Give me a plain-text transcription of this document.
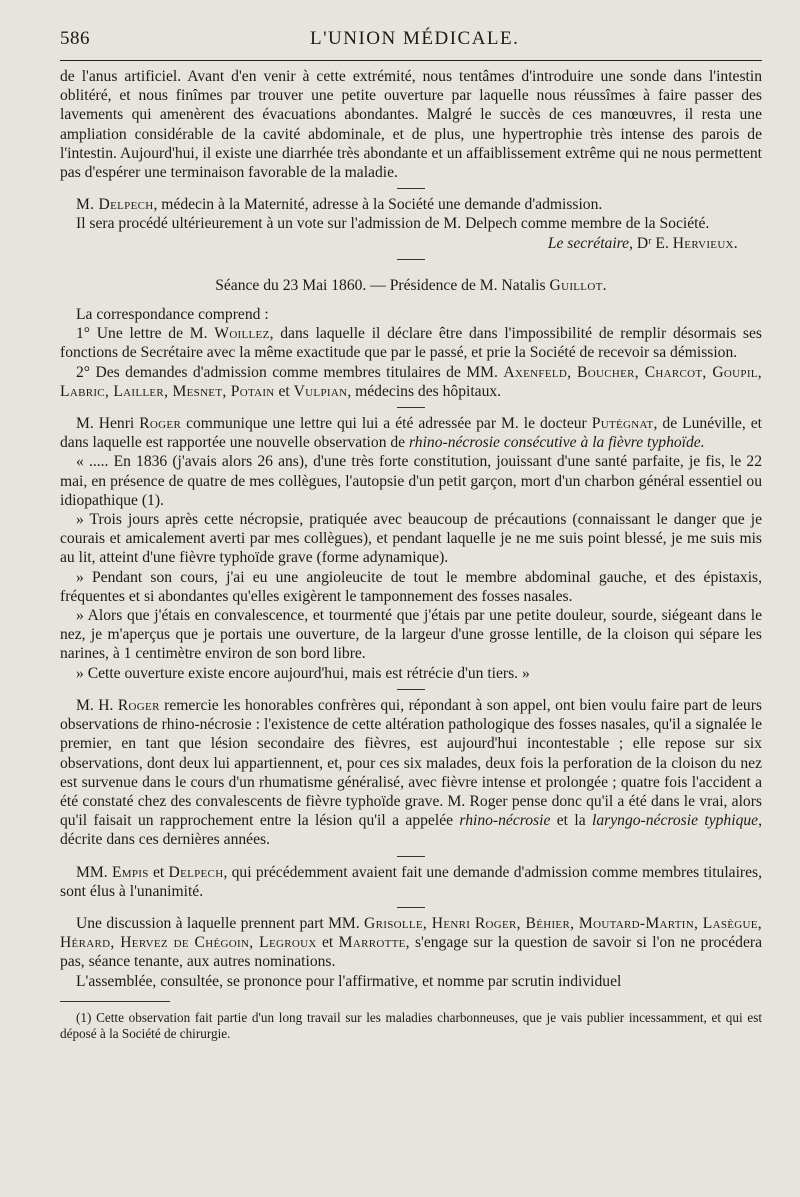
586	L'UNION MÉDICALE.

de l'anus artificiel. Avant d'en venir à cette extrémité, nous tentâmes d'introduire une sonde dans l'intestin oblitéré, et nous finîmes par trouver une petite ouverture par laquelle nous réussîmes à faire passer des lavements qui amenèrent des évacuations abondantes. Malgré le succès de ces manœuvres, il resta une ampliation considérable de la cavité abdominale, et de plus, une hypertrophie très intense des parois de l'intestin. Aujourd'hui, il existe une diarrhée très abondante et un affaiblissement extrême qui ne nous permettent pas d'espérer une terminaison favorable de la maladie.

M. Delpech, médecin à la Maternité, adresse à la Société une demande d'admission.

Il sera procédé ultérieurement à un vote sur l'admission de M. Delpech comme membre de la Société.

Le secrétaire, Dʳ E. Hervieux.

Séance du 23 Mai 1860. — Présidence de M. Natalis Guillot.

La correspondance comprend :

1° Une lettre de M. Woillez, dans laquelle il déclare être dans l'impossibilité de remplir désormais ses fonctions de Secrétaire avec la même exactitude que par le passé, et prie la Société de recevoir sa démission.

2° Des demandes d'admission comme membres titulaires de MM. Axenfeld, Boucher, Charcot, Goupil, Labric, Lailler, Mesnet, Potain et Vulpian, médecins des hôpitaux.

M. Henri Roger communique une lettre qui lui a été adressée par M. le docteur Putégnat, de Lunéville, et dans laquelle est rapportée une nouvelle observation de rhino-nécrosie consécutive à la fièvre typhoïde.

« ..... En 1836 (j'avais alors 26 ans), d'une très forte constitution, jouissant d'une santé parfaite, je fis, le 22 mai, en présence de quatre de mes collègues, l'autopsie d'un petit garçon, mort d'un charbon général essentiel ou idiopathique (1).

» Trois jours après cette nécropsie, pratiquée avec beaucoup de précautions (connaissant le danger que je courais et amicalement averti par mes collègues), et pendant laquelle je ne me suis point blessé, je me suis mis au lit, atteint d'une fièvre typhoïde grave (forme adynamique).

» Pendant son cours, j'ai eu une angioleucite de tout le membre abdominal gauche, et des épistaxis, fréquentes et si abondantes qu'elles exigèrent le tamponnement des fosses nasales.

» Alors que j'étais en convalescence, et tourmenté que j'étais par une petite douleur, sourde, siégeant dans le nez, je m'aperçus que je portais une ouverture, de la largeur d'une grosse lentille, de la cloison qui sépare les narines, à 1 centimètre environ de son bord libre.

» Cette ouverture existe encore aujourd'hui, mais est rétrécie d'un tiers. »

M. H. Roger remercie les honorables confrères qui, répondant à son appel, ont bien voulu faire part de leurs observations de rhino-nécrosie : l'existence de cette altération pathologique des fosses nasales, qu'il a signalée le premier, en tant que lésion secondaire des fièvres, est aujourd'hui incontestable ; elle repose sur six observations, dont deux lui appartiennent, et, pour ces six malades, deux fois la perforation de la cloison du nez est survenue dans le cours d'un rhumatisme généralisé, avec fièvre intense et prolongée ; quatre fois l'accident a été constaté chez des convalescents de fièvre typhoïde grave. M. Roger pense donc qu'il a été dans le vrai, alors qu'il faisait un rapprochement entre la lésion qu'il a appelée rhino-nécrosie et la laryngo-nécrosie typhique, décrite dans ces dernières années.

MM. Empis et Delpech, qui précédemment avaient fait une demande d'admission comme membres titulaires, sont élus à l'unanimité.

Une discussion à laquelle prennent part MM. Grisolle, Henri Roger, Béhier, Moutard-Martin, Lasègue, Hérard, Hervez de Chégoin, Legroux et Marrotte, s'engage sur la question de savoir si l'on ne procédera pas, séance tenante, aux autres nominations.

L'assemblée, consultée, se prononce pour l'affirmative, et nomme par scrutin individuel

(1) Cette observation fait partie d'un long travail sur les maladies charbonneuses, que je vais publier incessamment, et qui est déposé à la Société de chirurgie.
